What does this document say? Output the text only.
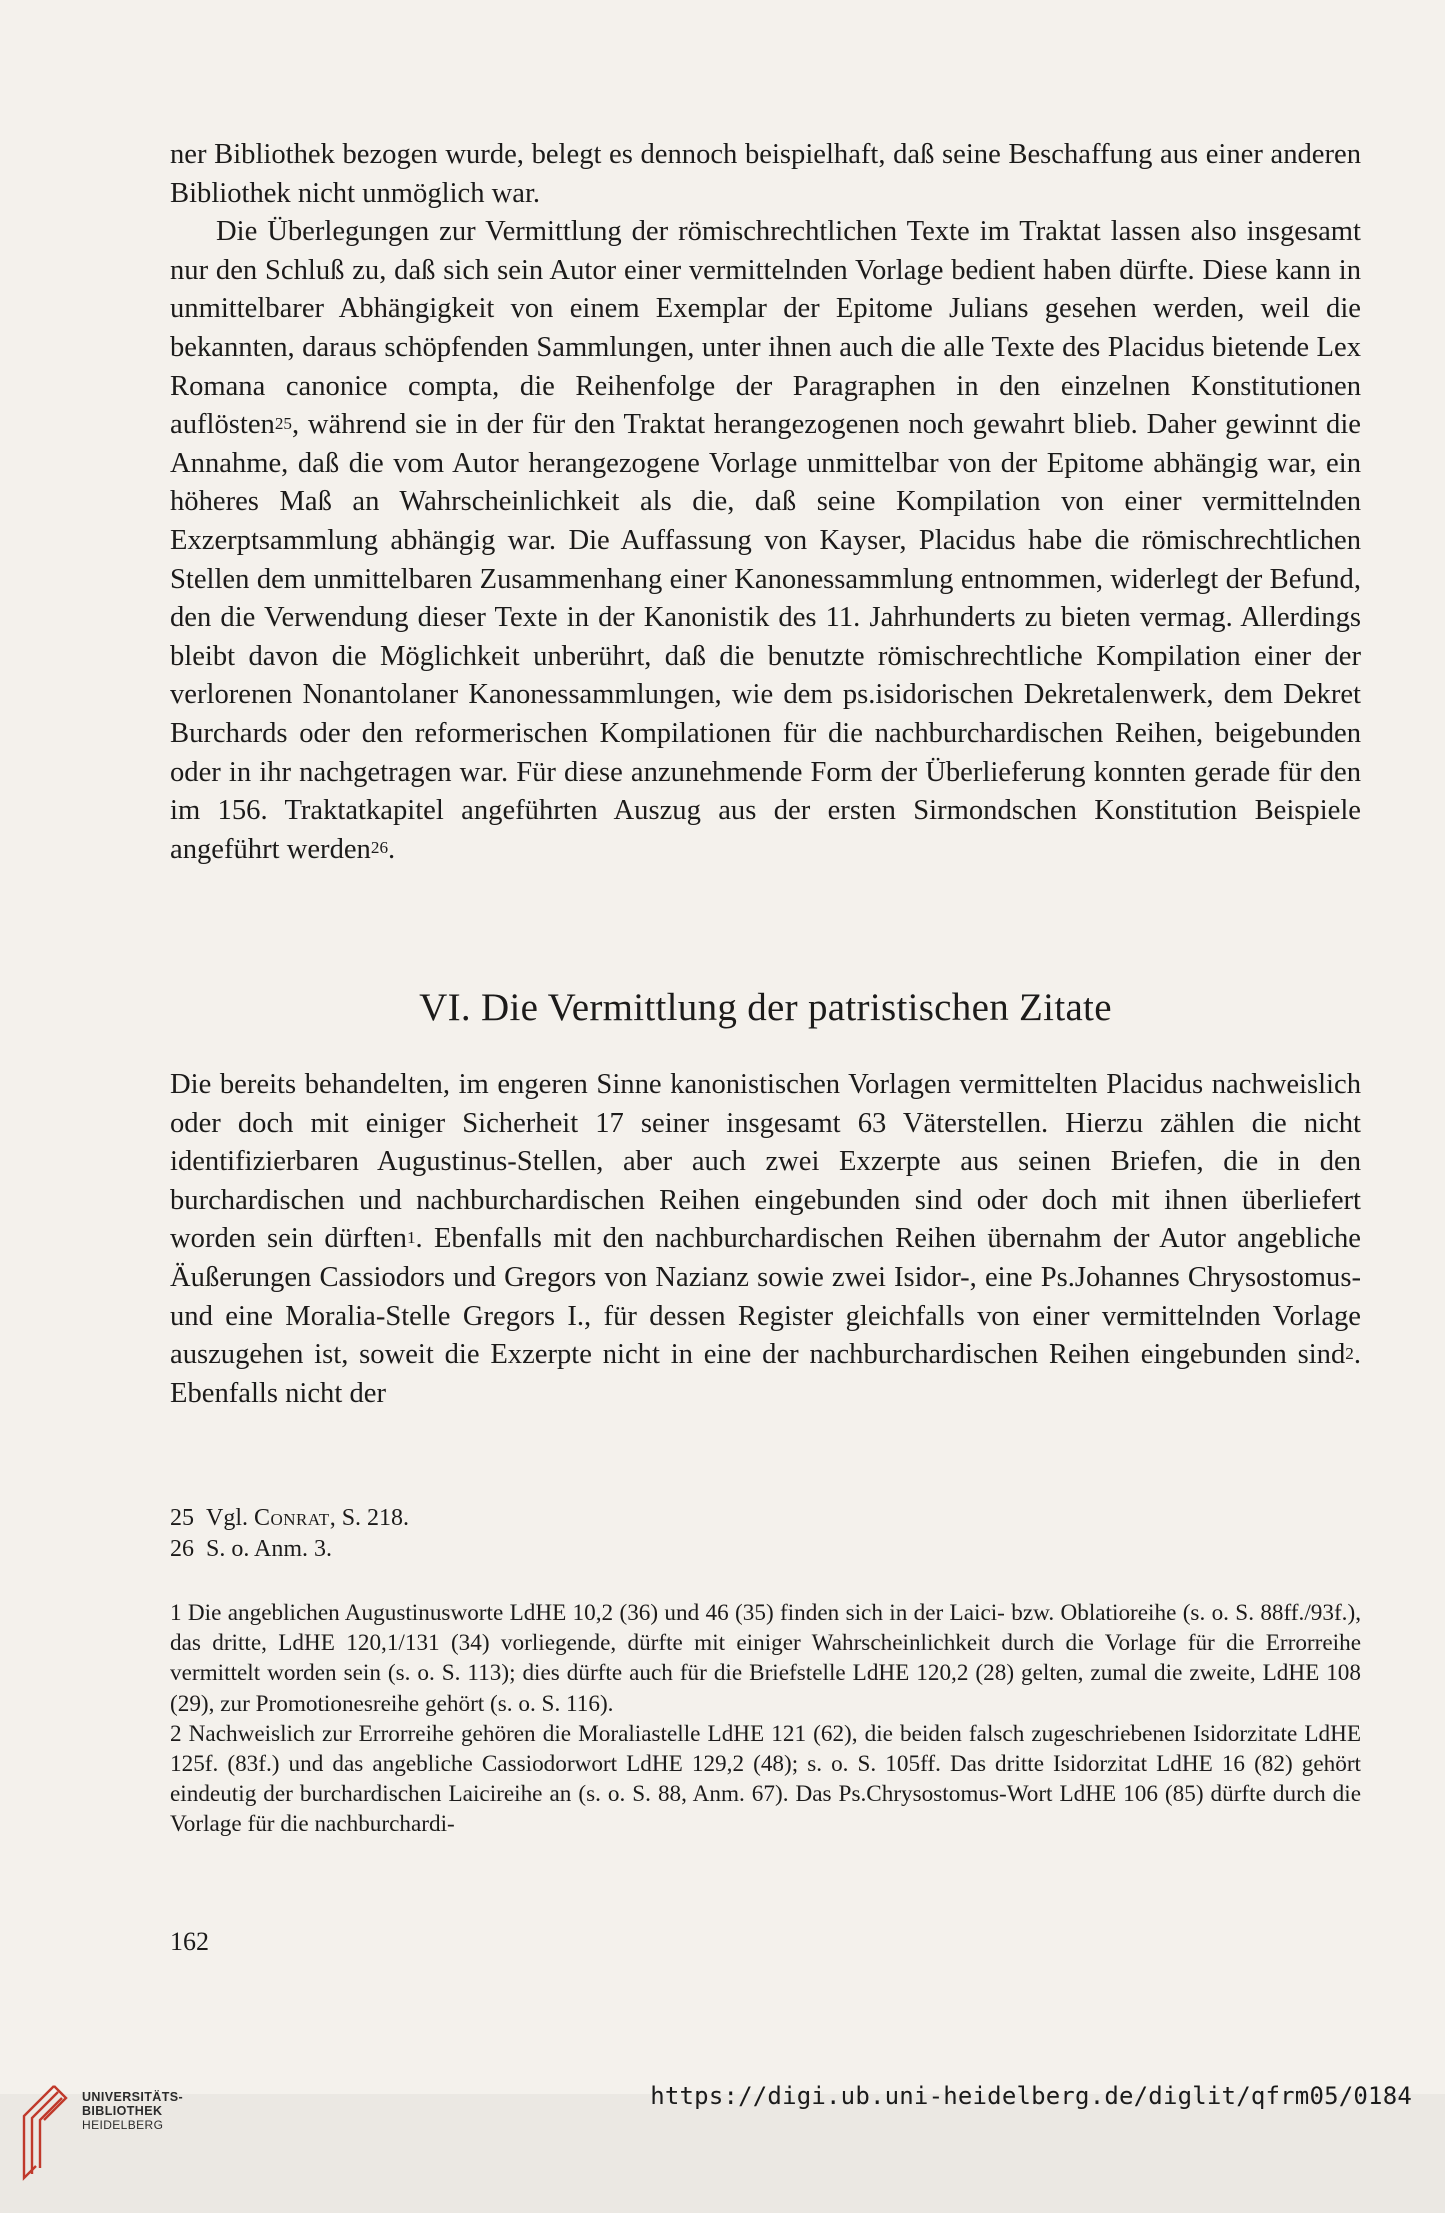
ner Bibliothek bezogen wurde, belegt es dennoch beispielhaft, daß seine Beschaffung aus einer anderen Bibliothek nicht unmöglich war.

Die Überlegungen zur Vermittlung der römischrechtlichen Texte im Traktat lassen also insgesamt nur den Schluß zu, daß sich sein Autor einer vermittelnden Vorlage bedient haben dürfte. Diese kann in unmittelbarer Abhängigkeit von einem Exemplar der Epitome Julians gesehen werden, weil die bekannten, daraus schöpfenden Sammlungen, unter ihnen auch die alle Texte des Placidus bietende Lex Romana canonice compta, die Reihenfolge der Paragraphen in den einzelnen Konstitutionen auflösten$^{25}$, während sie in der für den Traktat herangezogenen noch gewahrt blieb. Daher gewinnt die Annahme, daß die vom Autor herangezogene Vorlage unmittelbar von der Epitome abhängig war, ein höheres Maß an Wahrscheinlichkeit als die, daß seine Kompilation von einer vermittelnden Exzerptsammlung abhängig war. Die Auffassung von Kayser, Placidus habe die römischrechtlichen Stellen dem unmittelbaren Zusammenhang einer Kanonessammlung entnommen, widerlegt der Befund, den die Verwendung dieser Texte in der Kanonistik des 11. Jahrhunderts zu bieten vermag. Allerdings bleibt davon die Möglichkeit unberührt, daß die benutzte römischrechtliche Kompilation einer der verlorenen Nonantolaner Kanonessammlungen, wie dem ps.isidorischen Dekretalenwerk, dem Dekret Burchards oder den reformerischen Kompilationen für die nachburchardischen Reihen, beigebunden oder in ihr nachgetragen war. Für diese anzunehmende Form der Überlieferung konnten gerade für den im 156. Traktatkapitel angeführten Auszug aus der ersten Sirmondschen Konstitution Beispiele angeführt werden$^{26}$.

VI. Die Vermittlung der patristischen Zitate

Die bereits behandelten, im engeren Sinne kanonistischen Vorlagen vermittelten Placidus nachweislich oder doch mit einiger Sicherheit 17 seiner insgesamt 63 Väterstellen. Hierzu zählen die nicht identifizierbaren Augustinus-Stellen, aber auch zwei Exzerpte aus seinen Briefen, die in den burchardischen und nachburchardischen Reihen eingebunden sind oder doch mit ihnen überliefert worden sein dürften$^1$. Ebenfalls mit den nachburchardischen Reihen übernahm der Autor angebliche Äußerungen Cassiodors und Gregors von Nazianz sowie zwei Isidor-, eine Ps.Johannes Chrysostomus- und eine Moralia-Stelle Gregors I., für dessen Register gleichfalls von einer vermittelnden Vorlage auszugehen ist, soweit die Exzerpte nicht in eine der nachburchardischen Reihen eingebunden sind$^2$. Ebenfalls nicht der

25 Vgl. Conrat, S. 218.

26 S. o. Anm. 3.

1 Die angeblichen Augustinusworte LdHE 10,2 (36) und 46 (35) finden sich in der Laici- bzw. Oblatioreihe (s. o. S. 88ff./93f.), das dritte, LdHE 120,1/131 (34) vorliegende, dürfte mit einiger Wahrscheinlichkeit durch die Vorlage für die Errorreihe vermittelt worden sein (s. o. S. 113); dies dürfte auch für die Briefstelle LdHE 120,2 (28) gelten, zumal die zweite, LdHE 108 (29), zur Promotionesreihe gehört (s. o. S. 116).

2 Nachweislich zur Errorreihe gehören die Moraliastelle LdHE 121 (62), die beiden falsch zugeschriebenen Isidorzitate LdHE 125f. (83f.) und das angebliche Cassiodorwort LdHE 129,2 (48); s. o. S. 105ff. Das dritte Isidorzitat LdHE 16 (82) gehört eindeutig der burchardischen Laicireihe an (s. o. S. 88, Anm. 67). Das Ps.Chrysostomus-Wort LdHE 106 (85) dürfte durch die Vorlage für die nachburchardi-

162
UNIVERSITÄTS-
BIBLIOTHEK
HEIDELBERG
https://digi.ub.uni-heidelberg.de/diglit/qfrm05/0184
